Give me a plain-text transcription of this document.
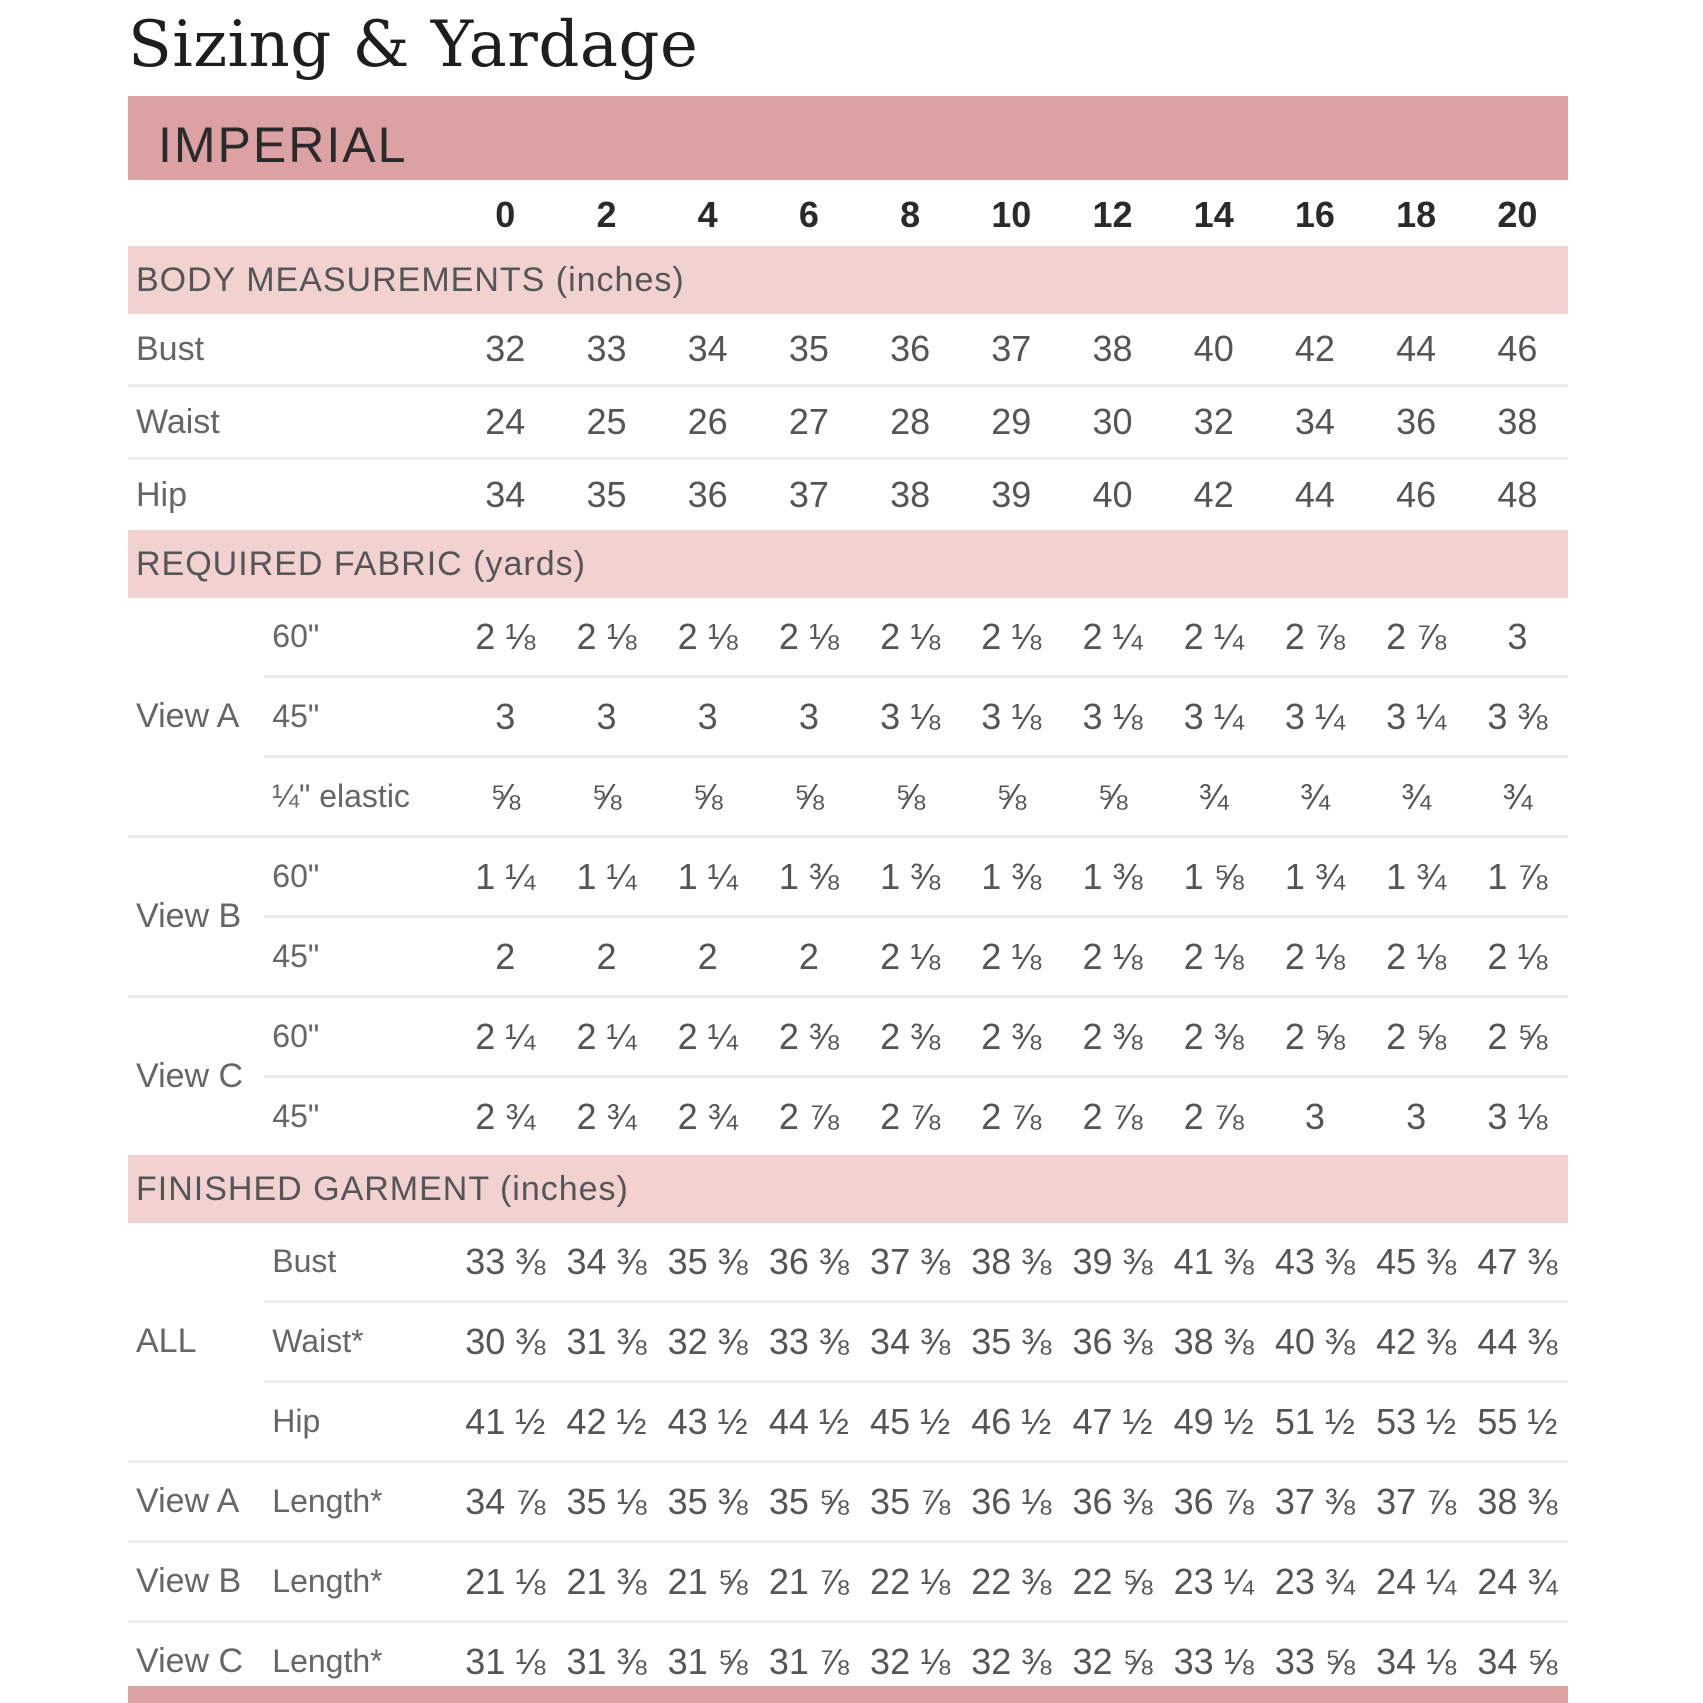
Sizing & Yardage
IMPERIAL
		0	2	4	6	8	10	12	14	16	18	20
BODY MEASUREMENTS (inches)												
Bust		32	33	34	35	36	37	38	40	42	44	46
Waist		24	25	26	27	28	29	30	32	34	36	38
Hip		34	35	36	37	38	39	40	42	44	46	48
REQUIRED FABRIC (yards)												
View A	60"	2 ⅛	2 ⅛	2 ⅛	2 ⅛	2 ⅛	2 ⅛	2 ¼	2 ¼	2 ⅞	2 ⅞	3
	45"	3	3	3	3	3 ⅛	3 ⅛	3 ⅛	3 ¼	3 ¼	3 ¼	3 ⅜
	¼" elastic	⅝	⅝	⅝	⅝	⅝	⅝	⅝	¾	¾	¾	¾
View B	60"	1 ¼	1 ¼	1 ¼	1 ⅜	1 ⅜	1 ⅜	1 ⅜	1 ⅝	1 ¾	1 ¾	1 ⅞
	45"	2	2	2	2	2 ⅛	2 ⅛	2 ⅛	2 ⅛	2 ⅛	2 ⅛	2 ⅛
View C	60"	2 ¼	2 ¼	2 ¼	2 ⅜	2 ⅜	2 ⅜	2 ⅜	2 ⅜	2 ⅝	2 ⅝	2 ⅝
	45"	2 ¾	2 ¾	2 ¾	2 ⅞	2 ⅞	2 ⅞	2 ⅞	2 ⅞	3	3	3 ⅛
FINISHED GARMENT (inches)												
ALL	Bust	33 ⅜	34 ⅜	35 ⅜	36 ⅜	37 ⅜	38 ⅜	39 ⅜	41 ⅜	43 ⅜	45 ⅜	47 ⅜
	Waist*	30 ⅜	31 ⅜	32 ⅜	33 ⅜	34 ⅜	35 ⅜	36 ⅜	38 ⅜	40 ⅜	42 ⅜	44 ⅜
	Hip	41 ½	42 ½	43 ½	44 ½	45 ½	46 ½	47 ½	49 ½	51 ½	53 ½	55 ½
View A	Length*	34 ⅞	35 ⅛	35 ⅜	35 ⅝	35 ⅞	36 ⅛	36 ⅜	36 ⅞	37 ⅜	37 ⅞	38 ⅜
View B	Length*	21 ⅛	21 ⅜	21 ⅝	21 ⅞	22 ⅛	22 ⅜	22 ⅝	23 ¼	23 ¾	24 ¼	24 ¾
View C	Length*	31 ⅛	31 ⅜	31 ⅝	31 ⅞	32 ⅛	32 ⅜	32 ⅝	33 ⅛	33 ⅝	34 ⅛	34 ⅝
